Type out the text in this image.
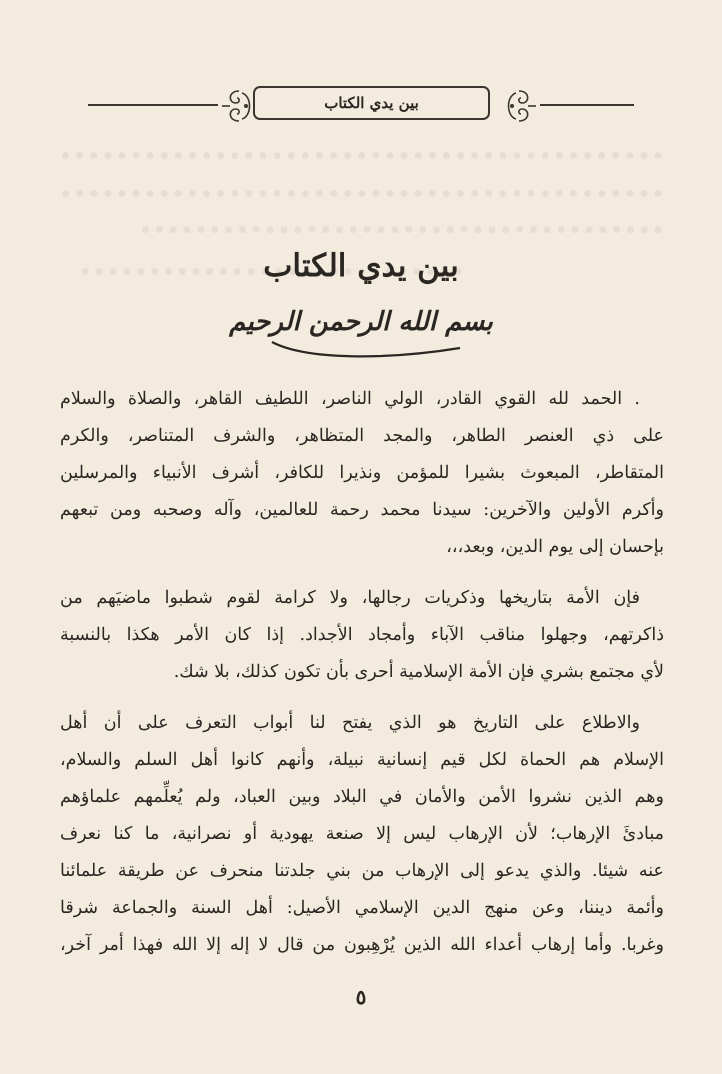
بين يدي الكتاب
بين يدي الكتاب
بسم الله الرحمن الرحيم
. الحمد لله القوي القادر، الولي الناصر، اللطيف القاهر، والصلاة والسلام
على ذي العنصر الطاهر، والمجد المتظاهر، والشرف المتناصر، والكرم
المتقاطر، المبعوث بشيرا للمؤمن ونذيرا للكافر، أشرف الأنبياء والمرسلين
وأكرم الأولين والآخرين: سيدنا محمد رحمة للعالمين، وآله وصحبه ومن تبعهم
بإحسان إلى يوم الدين، وبعد،،،
فإن الأمة بتاريخها وذكريات رجالها، ولا كرامة لقوم شطبوا ماضيَهم من
ذاكرتهم، وجهلوا مناقب الآباء وأمجاد الأجداد. إذا كان الأمر هكذا بالنسبة
لأي مجتمع بشري فإن الأمة الإسلامية أحرى بأن تكون كذلك، بلا شك.
والاطلاع على التاريخ هو الذي يفتح لنا أبواب التعرف على أن أهل
الإسلام هم الحماة لكل قيم إنسانية نبيلة، وأنهم كانوا أهل السلم والسلام،
وهم الذين نشروا الأمن والأمان في البلاد وبين العباد، ولم يُعلِّمهم علماؤهم
مبادئَ الإرهاب؛ لأن الإرهاب ليس إلا صنعة يهودية أو نصرانية، ما كنا نعرف
عنه شيئا. والذي يدعو إلى الإرهاب من بني جلدتنا منحرف عن طريقة علمائنا
وأئمة ديننا، وعن منهج الدين الإسلامي الأصيل: أهل السنة والجماعة شرقا
وغربا. وأما إرهاب أعداء الله الذين يُرْهِبون من قال لا إله إلا الله فهذا أمر آخر،
٥
